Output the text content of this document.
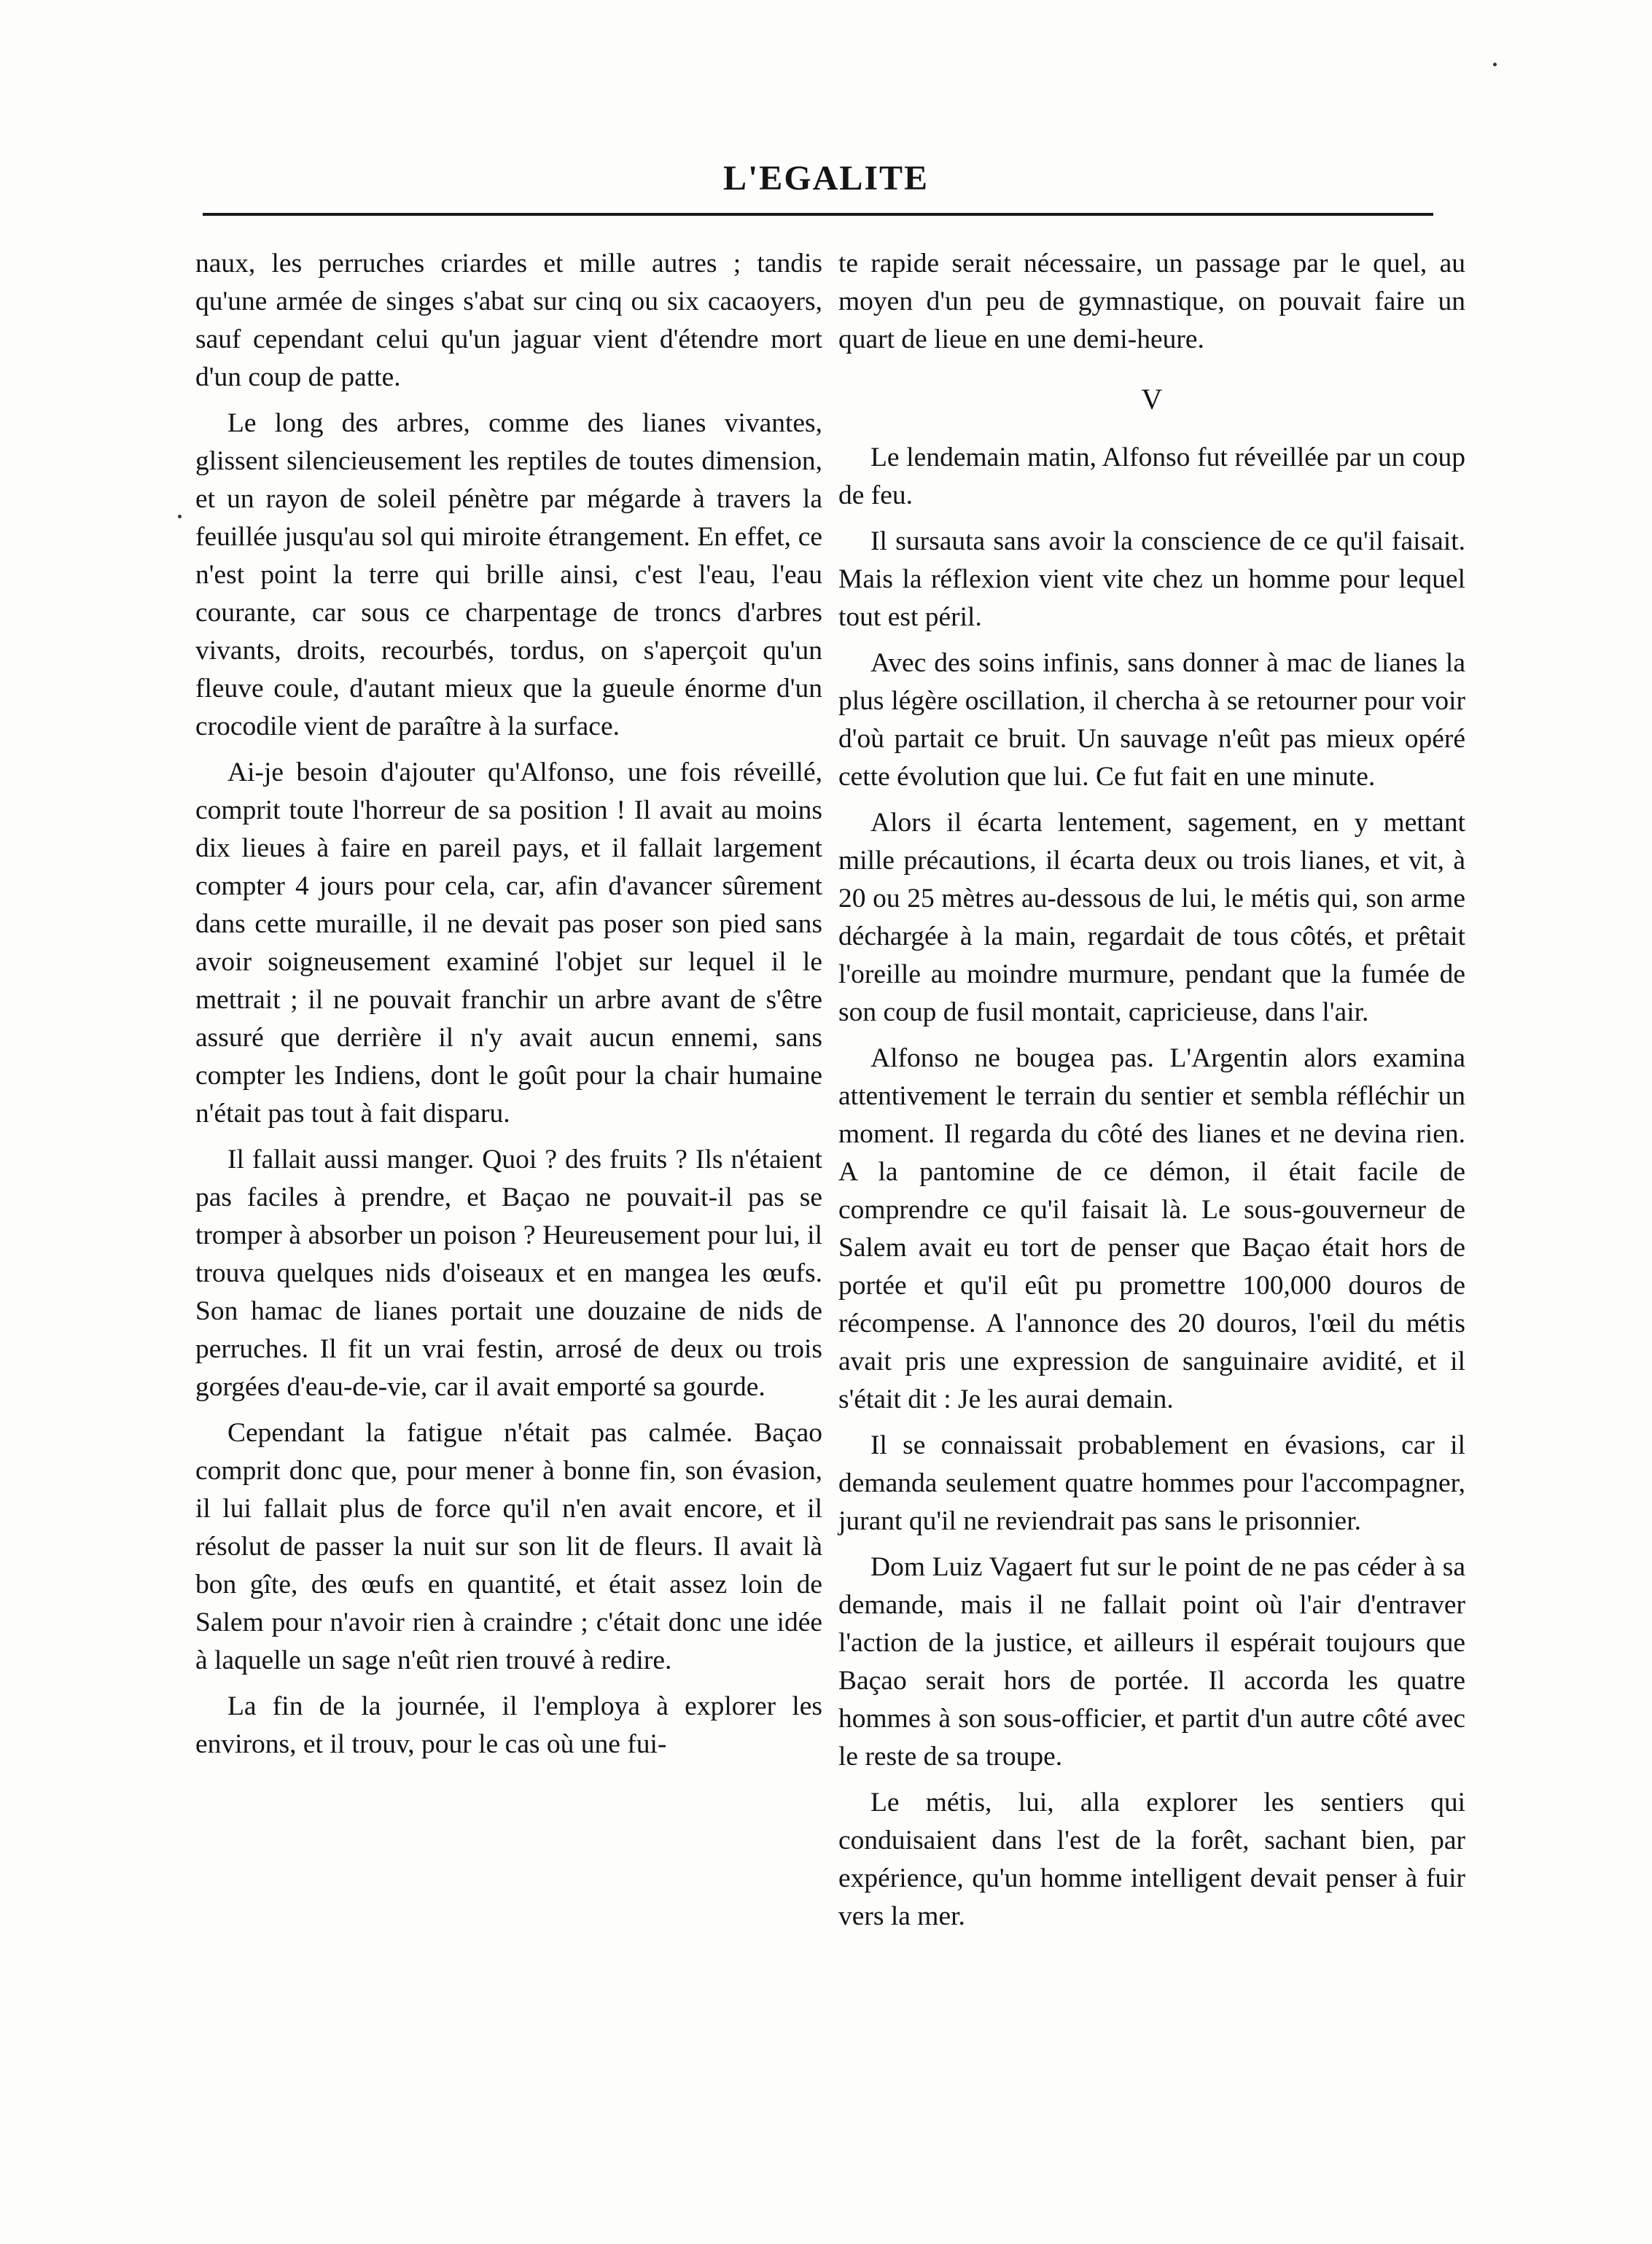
L'EGALITE

naux, les perruches criardes et mille autres ; tandis qu'une armée de singes s'abat sur cinq ou six cacaoyers, sauf cependant celui qu'un jaguar vient d'étendre mort d'un coup de patte.

Le long des arbres, comme des lianes vivantes, glissent silencieusement les reptiles de toutes dimension, et un rayon de soleil pénètre par mégarde à travers la feuillée jusqu'au sol qui miroite étrangement. En effet, ce n'est point la terre qui brille ainsi, c'est l'eau, l'eau courante, car sous ce charpentage de troncs d'arbres vivants, droits, recourbés, tordus, on s'aperçoit qu'un fleuve coule, d'autant mieux que la gueule énorme d'un crocodile vient de paraître à la surface.

Ai-je besoin d'ajouter qu'Alfonso, une fois réveillé, comprit toute l'horreur de sa position ! Il avait au moins dix lieues à faire en pareil pays, et il fallait largement compter 4 jours pour cela, car, afin d'avancer sûrement dans cette muraille, il ne devait pas poser son pied sans avoir soigneusement examiné l'objet sur lequel il le mettrait ; il ne pouvait franchir un arbre avant de s'être assuré que derrière il n'y avait aucun ennemi, sans compter les Indiens, dont le goût pour la chair humaine n'était pas tout à fait disparu.

Il fallait aussi manger. Quoi ? des fruits ? Ils n'étaient pas faciles à prendre, et Baçao ne pouvait-il pas se tromper à absorber un poison ? Heureusement pour lui, il trouva quelques nids d'oiseaux et en mangea les œufs. Son hamac de lianes portait une douzaine de nids de perruches. Il fit un vrai festin, arrosé de deux ou trois gorgées d'eau-de-vie, car il avait emporté sa gourde.

Cependant la fatigue n'était pas calmée. Baçao comprit donc que, pour mener à bonne fin, son évasion, il lui fallait plus de force qu'il n'en avait encore, et il résolut de passer la nuit sur son lit de fleurs. Il avait là bon gîte, des œufs en quantité, et était assez loin de Salem pour n'avoir rien à craindre ; c'était donc une idée à laquelle un sage n'eût rien trouvé à redire.

La fin de la journée, il l'employa à explorer les environs, et il trouv, pour le cas où une fui-

te rapide serait nécessaire, un passage par le quel, au moyen d'un peu de gymnastique, on pouvait faire un quart de lieue en une demi-heure.

V

Le lendemain matin, Alfonso fut réveillée par un coup de feu.

Il sursauta sans avoir la conscience de ce qu'il faisait. Mais la réflexion vient vite chez un homme pour lequel tout est péril.

Avec des soins infinis, sans donner à mac de lianes la plus légère oscillation, il chercha à se retourner pour voir d'où partait ce bruit. Un sauvage n'eût pas mieux opéré cette évolution que lui. Ce fut fait en une minute.

Alors il écarta lentement, sagement, en y mettant mille précautions, il écarta deux ou trois lianes, et vit, à 20 ou 25 mètres au-dessous de lui, le métis qui, son arme déchargée à la main, regardait de tous côtés, et prêtait l'oreille au moindre murmure, pendant que la fumée de son coup de fusil montait, capricieuse, dans l'air.

Alfonso ne bougea pas. L'Argentin alors examina attentivement le terrain du sentier et sembla réfléchir un moment. Il regarda du côté des lianes et ne devina rien. A la pantomine de ce démon, il était facile de comprendre ce qu'il faisait là. Le sous-gouverneur de Salem avait eu tort de penser que Baçao était hors de portée et qu'il eût pu promettre 100,000 douros de récompense. A l'annonce des 20 douros, l'œil du métis avait pris une expression de sanguinaire avidité, et il s'était dit : Je les aurai demain.

Il se connaissait probablement en évasions, car il demanda seulement quatre hommes pour l'accompagner, jurant qu'il ne reviendrait pas sans le prisonnier.

Dom Luiz Vagaert fut sur le point de ne pas céder à sa demande, mais il ne fallait point où l'air d'entraver l'action de la justice, et ailleurs il espérait toujours que Baçao serait hors de portée. Il accorda les quatre hommes à son sous-officier, et partit d'un autre côté avec le reste de sa troupe.

Le métis, lui, alla explorer les sentiers qui conduisaient dans l'est de la forêt, sachant bien, par expérience, qu'un homme intelligent devait penser à fuir vers la mer.
